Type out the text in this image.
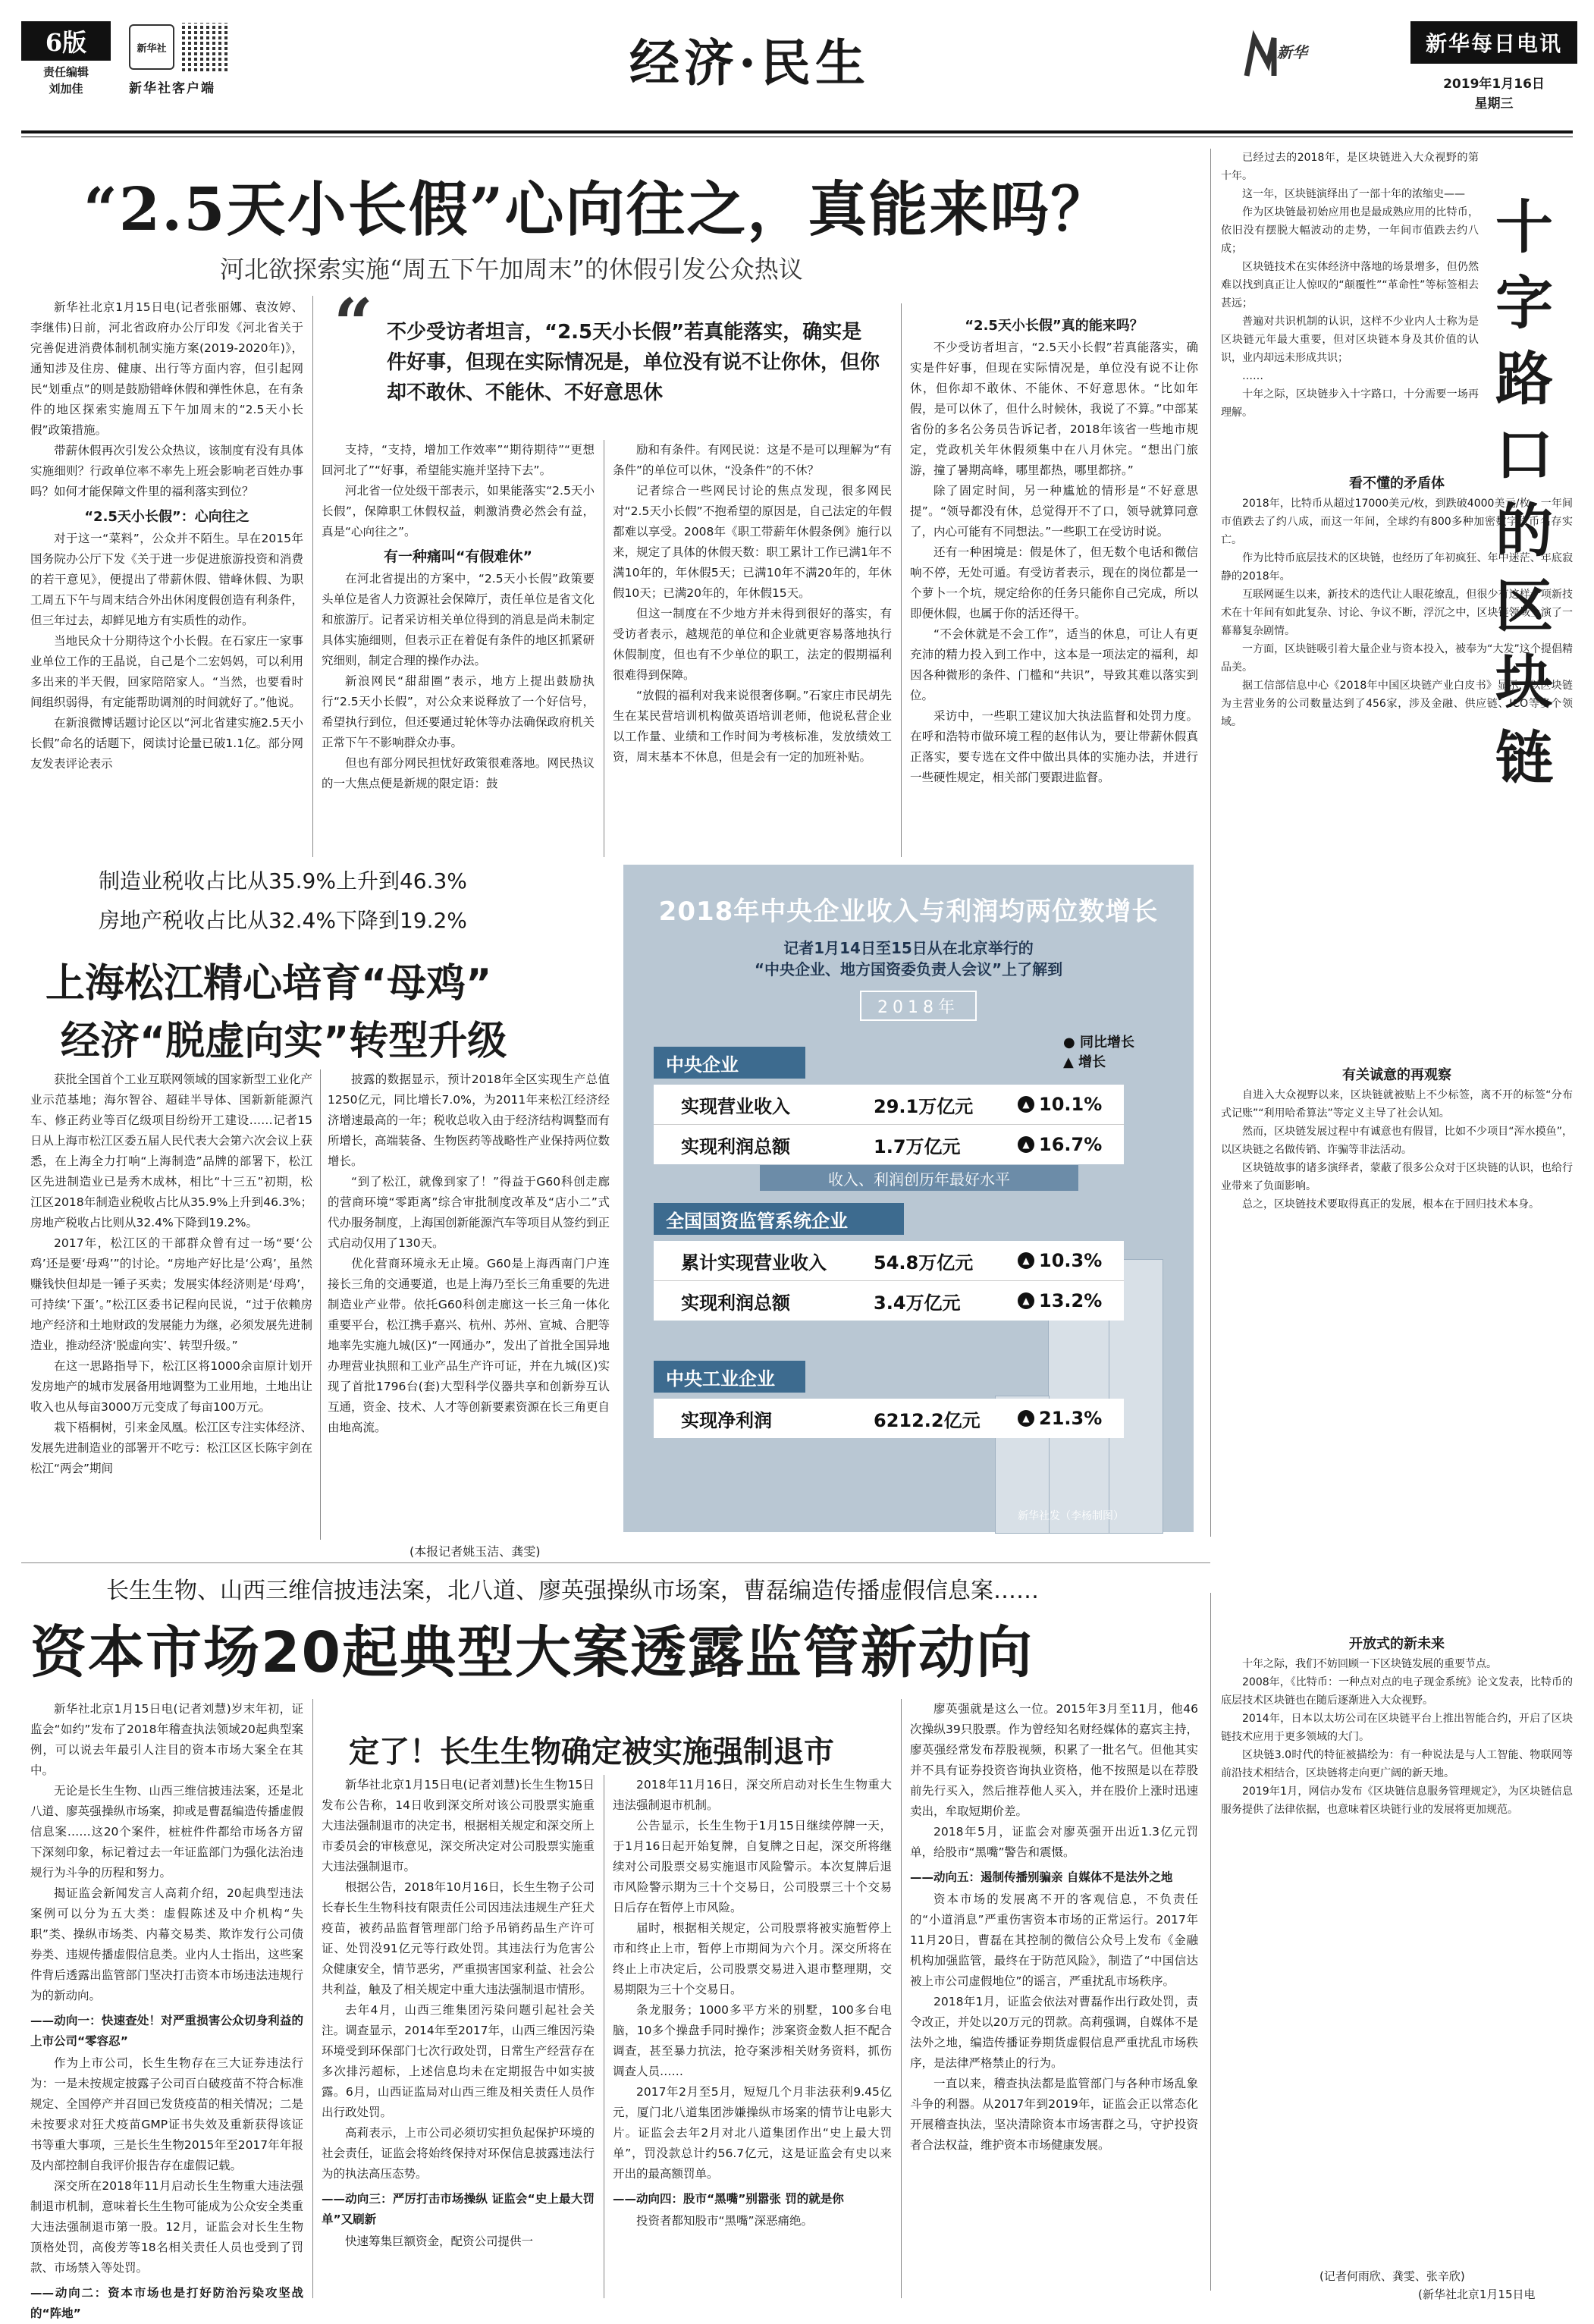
6版
责任编辑
刘加佳
新华社
新华社客户端	经济·民生	新华	新华每日电讯
2019年1月16日
星期三
“2.5天小长假”心向往之，真能来吗？
河北欲探索实施“周五下午加周末”的休假引发公众热议
“ 不少受访者坦言，“2.5天小长假”若真能落实，确实是件好事，但现在实际情况是，单位没有说不让你休，但你却不敢休、不能休、不好意思休

新华社北京1月15日电(记者张丽娜、袁汝婷、李继伟)日前，河北省政府办公厅印发《河北省关于完善促进消费体制机制实施方案(2019-2020年)》，通知涉及住房、健康、出行等方面内容，但引起网民“划重点”的则是鼓励错峰休假和弹性休息，在有条件的地区探索实施周五下午加周末的“2.5天小长假”政策措施。

带薪休假再次引发公众热议，该制度有没有具体实施细则？行政单位率不率先上班会影响老百姓办事吗？如何才能保障文件里的福利落实到位？

“2.5天小长假”：心向往之

对于这一“菜料”，公众并不陌生。早在2015年国务院办公厅下发《关于进一步促进旅游投资和消费的若干意见》，便提出了带薪休假、错峰休假、为职工周五下午与周末结合外出休闲度假创造有利条件，但三年过去，却鲜见地方有实质性的动作。

当地民众十分期待这个小长假。在石家庄一家事业单位工作的王晶说，自己是个二宏妈妈，可以利用多出来的半天假，回家陪陪家人。“当然，也要看时间组织弱得，有定能帮助调剂的时间就好了。”他说。

在新浪微博话题讨论区以“河北省建实施2.5天小长假”命名的话题下，阅读讨论量已破1.1亿。部分网友发表评论表示

支持，“支持，增加工作效率”“期待期待”“更想回河北了”“好事，希望能实施并坚持下去”。

河北省一位处级干部表示，如果能落实“2.5天小长假”，保障职工休假权益，刺激消费必然会有益，真是“心向往之”。

有一种痛叫“有假难休”

在河北省提出的方案中，“2.5天小长假”政策要头单位是省人力资源社会保障厅，责任单位是省文化和旅游厅。记者采访相关单位得到的消息是尚未制定具体实施细则，但表示正在着促有条件的地区抓紧研究细则，制定合理的操作办法。

新浪网民“甜甜圈”表示，地方上提出鼓励执行“2.5天小长假”，对公众来说释放了一个好信号，希望执行到位，但还要通过轮休等办法确保政府机关正常下午不影响群众办事。

但也有部分网民担忧好政策很难落地。网民热议的一大焦点便是新规的限定语：鼓

励和有条件。有网民说：这是不是可以理解为“有条件”的单位可以休，“没条件”的不休？

记者综合一些网民讨论的焦点发现，很多网民对“2.5天小长假”不抱希望的原因是，自己法定的年假都难以享受。2008年《职工带薪年休假条例》施行以来，规定了具体的休假天数：职工累计工作已满1年不满10年的，年休假5天；已满10年不满20年的，年休假10天；已满20年的，年休假15天。

但这一制度在不少地方并未得到很好的落实，有受访者表示，越规范的单位和企业就更容易落地执行休假制度，但也有不少单位的职工，法定的假期福利很难得到保障。

“放假的福利对我来说很奢侈啊。”石家庄市民胡先生在某民营培训机构做英语培训老师，他说私营企业以工作量、业绩和工作时间为考核标准，发放绩效工资，周末基本不休息，但是会有一定的加班补贴。

“2.5天小长假”真的能来吗？

不少受访者坦言，“2.5天小长假”若真能落实，确实是件好事，但现在实际情况是，单位没有说不让你休，但你却不敢休、不能休、不好意思休。“比如年假，是可以休了，但什么时候休，我说了不算。”中部某省份的多名公务员告诉记者，2018年该省一些地市规定，党政机关年休假须集中在八月休完。“想出门旅游，撞了暑期高峰，哪里都热，哪里都挤。”

除了固定时间，另一种尴尬的情形是“不好意思提”。“领导都没有休，总觉得开不了口，领导就算同意了，内心可能有不同想法。”一些职工在受访时说。

还有一种困境是：假是休了，但无数个电话和微信响不停，无处可遁。有受访者表示，现在的岗位都是一个萝卜一个坑，规定给你的任务只能你自己完成，所以即便休假，也属于你的活还得干。

“不会休就是不会工作”，适当的休息，可让人有更充沛的精力投入到工作中，这本是一项法定的福利，却因各种微形的条件、门槛和“共识”，导致其难以落实到位。

采访中，一些职工建议加大执法监督和处罚力度。在呼和浩特市做环境工程的赵伟认为，要让带薪休假真正落实，要专选在文件中做出具体的实施办法，并进行一些硬性规定，相关部门要跟进监督。

制造业税收占比从35.9%上升到46.3%
房地产税收占比从32.4%下降到19.2%
上海松江精心培育“母鸡”
经济“脱虚向实”转型升级

获批全国首个工业互联网领域的国家新型工业化产业示范基地；海尔智谷、超硅半导体、国新新能源汽车、修正药业等百亿级项目纷纷开工建设……记者15日从上海市松江区委五届人民代表大会第六次会议上获悉，在上海全力打响“上海制造”品牌的部署下，松江区先进制造业已是秀木成林，相比“十三五”初期，松江区2018年制造业税收占比从35.9%上升到46.3%；房地产税收占比则从32.4%下降到19.2%。

2017年，松江区的干部群众曾有过一场“要‘公鸡’还是要‘母鸡’”的讨论。“房地产好比是‘公鸡’，虽然赚钱快但却是一锤子买卖；发展实体经济则是‘母鸡’，可持续‘下蛋’。”松江区委书记程向民说，“过于依赖房地产经济和土地财政的发展能力为继，必须发展先进制造业，推动经济‘脱虚向实’、转型升级。”

在这一思路指导下，松江区将1000余亩原计划开发房地产的城市发展备用地调整为工业用地，土地出让收入也从每亩3000万元变成了每亩100万元。

栽下梧桐树，引来金凤凰。松江区专注实体经济、发展先进制造业的部署开不吃亏：松江区区长陈宇剑在松江“两会”期间

披露的数据显示，预计2018年全区实现生产总值1250亿元，同比增长7.0%，为2011年来松江经济经济增速最高的一年；税收总收入由于经济结构调整而有所增长，高端装备、生物医药等战略性产业保持两位数增长。

“到了松江，就像到家了！”得益于G60科创走廊的营商环境“零距离”综合审批制度改革及“店小二”式代办服务制度，上海国创新能源汽车等项目从签约到正式启动仅用了130天。

优化营商环境永无止境。G60是上海西南门户连接长三角的交通要道，也是上海乃至长三角重要的先进制造业产业带。依托G60科创走廊这一长三角一体化重要平台，松江携手嘉兴、杭州、苏州、宣城、合肥等地率先实施九城(区)“一网通办”，发出了首批全国异地办理营业执照和工业产品生产许可证，并在九城(区)实现了首批1796台(套)大型科学仪器共享和创新券互认互通，资金、技术、人才等创新要素资源在长三角更自由地高流。

(本报记者姚玉洁、龚雯)
2018年中央企业收入与利润均两位数增长
记者1月14日至15日从在北京举行的
“中央企业、地方国资委负责人会议”上了解到
2018年
● 同比增长
▲ 增长
中央企业
实现营业收入	29.1万亿元	▲ 10.1%
实现利润总额	1.7万亿元	▲ 16.7%
收入、利润创历年最好水平
全国国资监管系统企业
累计实现营业收入	54.8万亿元	▲ 10.3%
实现利润总额	3.4万亿元	▲ 13.2%
中央工业企业
实现净利润	6212.2亿元	▲ 21.3%
新华社发（李杨制图）
十字路口的区块链

已经过去的2018年，是区块链进入大众视野的第十年。

这一年，区块链演绎出了一部十年的浓缩史——

作为区块链最初始应用也是最成熟应用的比特币，依旧没有摆脱大幅波动的走势，一年间市值跌去约八成；

区块链技术在实体经济中落地的场景增多，但仍然难以找到真正让人惊叹的“颠覆性”“革命性”等标签相去甚远；

普遍对共识机制的认识，这样不少业内人士称为是区块链元年最大重要，但对区块链本身及其价值的认识，业内却远未形成共识；

……

十年之际，区块链步入十字路口，十分需要一场再理解。

看不懂的矛盾体

2018年，比特币从超过17000美元/枚，到跌破4000美元/枚，一年间市值跌去了约八成，而这一年间，全球约有800多种加密数字货币名存实亡。

作为比特币底层技术的区块链，也经历了年初疯狂、年中迷茫、年底寂静的2018年。

互联网诞生以来，新技术的迭代让人眼花缭乱，但很少有这样一项新技术在十年间有如此复杂、讨论、争议不断，浮沉之中，区块链领域上演了一幕幕复杂剧情。

一方面，区块链吸引着大量企业与资本投入，被奉为“大发”这个提倡精品美。

据工信部信息中心《2018年中国区块链产业白皮书》显示，以区块链为主营业务的公司数量达到了456家，涉及金融、供应链、ICO等多个领域。

有关诚意的再观察

自进入大众视野以来，区块链就被贴上不少标签，离不开的标签“分布式记账”“利用哈希算法”等定义主导了社会认知。

然而，区块链发展过程中有诚意也有假冒，比如不少项目“浑水摸鱼”，以区块链之名做传销、诈骗等非法活动。

区块链故事的诸多演绎者，蒙蔽了很多公众对于区块链的认识，也给行业带来了负面影响。

总之，区块链技术要取得真正的发展，根本在于回归技术本身。

开放式的新未来

十年之际，我们不妨回顾一下区块链发展的重要节点。

2008年，《比特币：一种点对点的电子现金系统》论文发表，比特币的底层技术区块链也在随后逐渐进入大众视野。

2014年，日本以太坊公司在区块链平台上推出智能合约，开启了区块链技术应用于更多领域的大门。

区块链3.0时代的特征被描绘为：有一种说法是与人工智能、物联网等前沿技术相结合，区块链将走向更广阔的新天地。

2019年1月，网信办发布《区块链信息服务管理规定》，为区块链信息服务提供了法律依据，也意味着区块链行业的发展将更加规范。

(记者何雨欣、龚雯、张辛欣)
(新华社北京1月15日电
长生生物、山西三维信披违法案，北八道、廖英强操纵市场案，曹磊编造传播虚假信息案……
资本市场20起典型大案透露监管新动向

新华社北京1月15日电(记者刘慧)岁末年初，证监会“如约”发布了2018年稽查执法领域20起典型案例，可以说去年最引人注目的资本市场大案全在其中。

无论是长生生物、山西三维信披违法案，还是北八道、廖英强操纵市场案，抑或是曹磊编造传播虚假信息案……这20个案件，桩桩件件都给市场各方留下深刻印象，标记着过去一年证监部门为强化法治违规行为斗争的历程和努力。

揭证监会新闻发言人高莉介绍，20起典型违法案例可以分为五大类：虚假陈述及中介机构“失职”类、操纵市场类、内幕交易类、欺诈发行公司债券类、违规传播虚假信息类。业内人士指出，这些案件背后透露出监管部门坚决打击资本市场违法违规行为的新动向。

——动向一：快速查处！对严重损害公众切身利益的上市公司“零容忍”

作为上市公司，长生生物存在三大证券违法行为：一是未按规定披露子公司百白破疫苗不符合标准规定、全国停产并召回已发货疫苗的相关情况；二是未按要求对狂犬疫苗GMP证书失效及重新获得该证书等重大事项，三是长生生物2015年至2017年年报及内部控制自我评价报告存在虚假记载。

深交所在2018年11月启动长生生物重大违法强制退市机制，意味着长生生物可能成为公众安全类重大违法强制退市第一股。12月，证监会对长生生物顶格处罚，高俊芳等18名相关责任人员也受到了罚款、市场禁入等处罚。

——动向二：资本市场也是打好防治污染攻坚战的“阵地”
定了！长生生物确定被实施强制退市

新华社北京1月15日电(记者刘慧)长生生物15日发布公告称，14日收到深交所对该公司股票实施重大违法强制退市的决定书，根据相关规定和深交所上市委员会的审核意见，深交所决定对公司股票实施重大违法强制退市。

根据公告，2018年10月16日，长生生物子公司长春长生生物科技有限责任公司因违法违规生产狂犬疫苗，被药品监督管理部门给予吊销药品生产许可证、处罚没91亿元等行政处罚。其违法行为危害公众健康安全，情节恶劣，严重损害国家利益、社会公共利益，触及了相关规定中重大违法强制退市情形。

去年4月，山西三维集团污染问题引起社会关注。调查显示，2014年至2017年，山西三维因污染环境受到环保部门七次行政处罚，日常生产经营存在多次排污超标，上述信息均未在定期报告中如实披露。6月，山西证监局对山西三维及相关责任人员作出行政处罚。

高莉表示，上市公司必须切实担负起保护环境的社会责任，证监会将始终保持对环保信息披露违法行为的执法高压态势。

——动向三：严厉打击市场操纵 证监会“史上最大罚单”又刷新

快速筹集巨额资金，配资公司提供一

2018年11月16日，深交所启动对长生生物重大违法强制退市机制。

公告显示，长生生物于1月15日继续停牌一天，于1月16日起开始复牌，自复牌之日起，深交所将继续对公司股票交易实施退市风险警示。本次复牌后退市风险警示期为三十个交易日，公司股票三十个交易日后存在暂停上市风险。

届时，根据相关规定，公司股票将被实施暂停上市和终止上市，暂停上市期间为六个月。深交所将在终止上市决定后，公司股票交易进入退市整理期，交易期限为三十个交易日。

条龙服务；1000多平方米的别墅，100多台电脑，10多个操盘手同时操作；涉案资金数人拒不配合调查，甚至暴力抗法，抢夺案涉相关财务资料，抓伤调查人员……

2017年2月至5月，短短几个月非法获利9.45亿元，厦门北八道集团涉嫌操纵市场案的情节让电影大片。证监会去年2月对北八道集团作出“史上最大罚单”，罚没款总计约56.7亿元，这是证监会有史以来开出的最高额罚单。

——动向四：股市“黑嘴”别嚣张 罚的就是你

投资者都知股市“黑嘴”深恶痛绝。

廖英强就是这么一位。2015年3月至11月，他46次操纵39只股票。作为曾经知名财经媒体的嘉宾主持，廖英强经常发布荐股视频，积累了一批名气。但他其实并不具有证券投资咨询执业资格，他不按照是以在荐股前先行买入，然后推荐他人买入，并在股价上涨时迅速卖出，牟取短期价差。

2018年5月，证监会对廖英强开出近1.3亿元罚单，给股市“黑嘴”警告和震慑。

——动向五：遏制传播别骗亲 自媒体不是法外之地

资本市场的发展离不开的客观信息，不负责任的“小道消息”严重伤害资本市场的正常运行。2017年11月20日，曹磊在其控制的微信公众号上发布《金融机构加强监管，最终在于防范风险》，制造了“中国信达被上市公司虚假地位”的谣言，严重扰乱市场秩序。

2018年1月，证监会依法对曹磊作出行政处罚，责令改正，并处以20万元的罚款。高莉强调，自媒体不是法外之地，编造传播证券期货虚假信息严重扰乱市场秩序，是法律严格禁止的行为。

一直以来，稽查执法都是监管部门与各种市场乱象斗争的利器。从2017年到2019年，证监会正以常态化开展稽查执法，坚决清除资本市场害群之马，守护投资者合法权益，维护资本市场健康发展。
